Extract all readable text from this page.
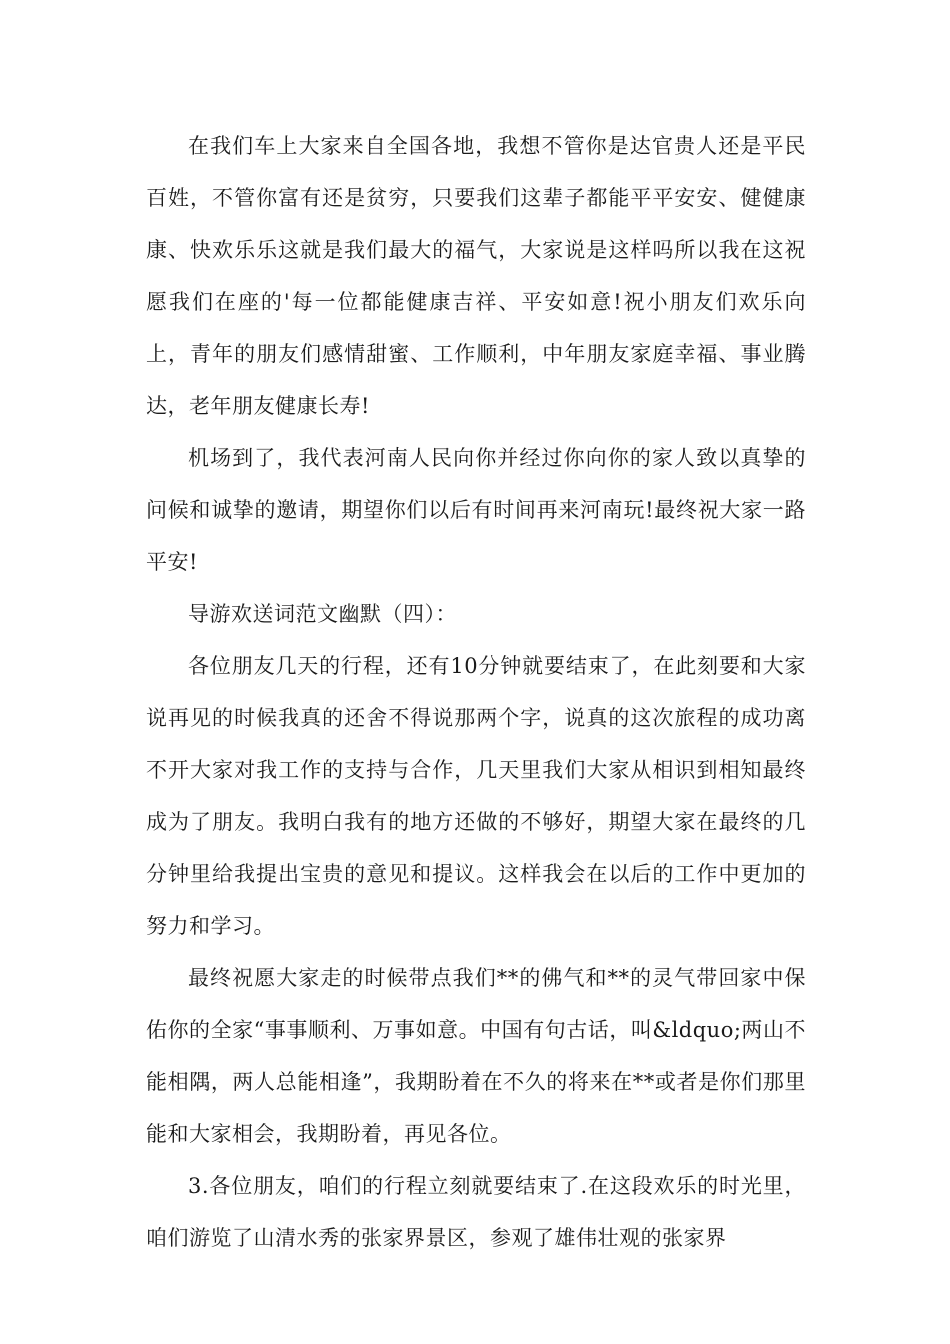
在我们车上大家来自全国各地，我想不管你是达官贵人还是平民百姓，不管你富有还是贫穷，只要我们这辈子都能平平安安、健健康康、快欢乐乐这就是我们最大的福气，大家说是这样吗所以我在这祝愿我们在座的'每一位都能健康吉祥、平安如意!祝小朋友们欢乐向上，青年的朋友们感情甜蜜、工作顺利，中年朋友家庭幸福、事业腾达，老年朋友健康长寿!

机场到了，我代表河南人民向你并经过你向你的家人致以真挚的问候和诚挚的邀请，期望你们以后有时间再来河南玩!最终祝大家一路平安!

导游欢送词范文幽默（四）：

各位朋友几天的行程，还有10分钟就要结束了，在此刻要和大家说再见的时候我真的还舍不得说那两个字，说真的这次旅程的成功离不开大家对我工作的支持与合作，几天里我们大家从相识到相知最终成为了朋友。我明白我有的地方还做的不够好，期望大家在最终的几分钟里给我提出宝贵的意见和提议。这样我会在以后的工作中更加的努力和学习。

最终祝愿大家走的时候带点我们**的佛气和**的灵气带回家中保佑你的全家“事事顺利、万事如意。中国有句古话，叫&ldquo;两山不能相隅，两人总能相逢”，我期盼着在不久的将来在**或者是你们那里能和大家相会，我期盼着，再见各位。

3.各位朋友，咱们的行程立刻就要结束了.在这段欢乐的时光里，咱们游览了山清水秀的张家界景区，参观了雄伟壮观的张家界
